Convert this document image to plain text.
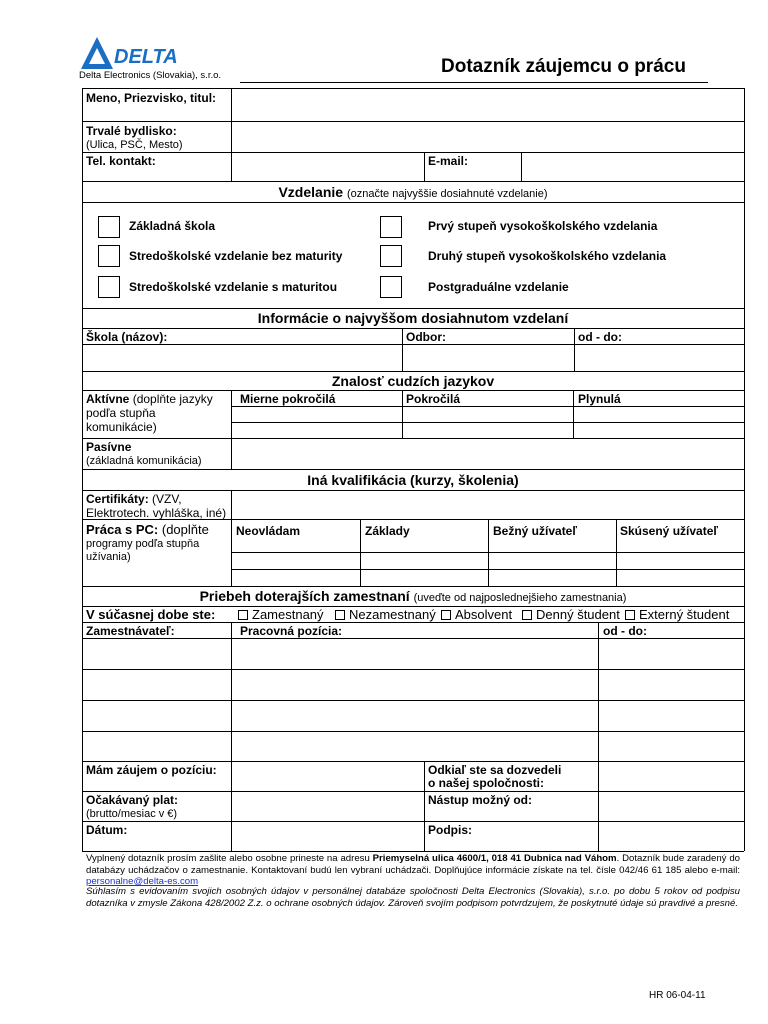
DELTA
Delta Electronics (Slovakia), s.r.o.	Dotazník záujemcu o prácu
Meno, Priezvisko, titul:
Trvalé bydlisko:
(Ulica, PSČ, Mesto)
Tel. kontakt:	E-mail:
Vzdelanie (označte najvyššie dosiahnuté vzdelanie)
Základná škola
Stredoškolské vzdelanie bez maturity
Stredoškolské vzdelanie s maturitou
Prvý stupeň vysokoškolského vzdelania
Druhý stupeň vysokoškolského vzdelania
Postgraduálne vzdelanie
Informácie o najvyššom dosiahnutom vzdelaní
Škola (názov):	Odbor:	od - do:
Znalosť cudzích jazykov
Aktívne (doplňte jazyky
podľa stupňa
komunikácie)
Mierne pokročilá	Pokročilá	Plynulá
Pasívne
(základná komunikácia)
Iná kvalifikácia (kurzy, školenia)
Certifikáty: (VZV,
Elektrotech. vyhláška, iné)
Práca s PC: (doplňte
programy podľa stupňa
užívania)
Neovládam	Základy	Bežný užívateľ	Skúsený užívateľ
Priebeh doterajších zamestnaní (uveďte od najposlednejšieho zamestnania)
V súčasnej dobe ste:	Zamestnaný	Nezamestnaný	Absolvent	Denný študent	Externý študent
Zamestnávateľ:	Pracovná pozícia:	od - do:
Mám záujem o pozíciu:	Odkiaľ ste sa dozvedeli
o našej spoločnosti:
Očakávaný plat:
(brutto/mesiac v €)
Nástup možný od:
Dátum:	Podpis:
Vyplnený dotazník prosím zašlite alebo osobne prineste na adresu Priemyselná ulica 4600/1, 018 41 Dubnica nad Váhom. Dotazník bude zaradený do databázy uchádzačov o zamestnanie. Kontaktovaní budú len vybraní uchádzači. Doplňujúce informácie získate na tel. čísle 042/46 61 185 alebo e-mail: personalne@delta-es.com
Súhlasím s evidovaním svojich osobných údajov v personálnej databáze spoločnosti Delta Electronics (Slovakia), s.r.o. po dobu 5 rokov od podpisu dotazníka v zmysle Zákona 428/2002 Z.z. o ochrane osobných údajov. Zároveň svojím podpisom potvrdzujem, že poskytnuté údaje sú pravdivé a presné.
HR 06-04-11
